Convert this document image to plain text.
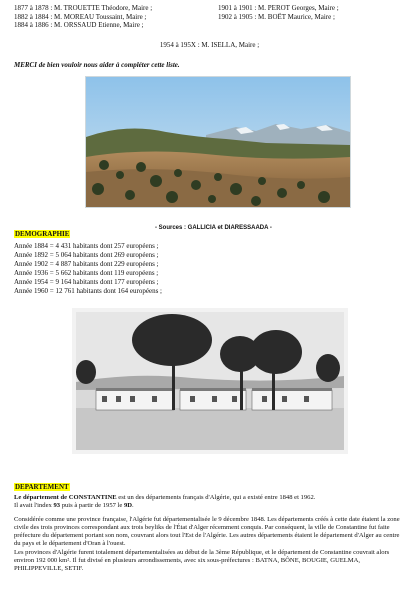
1877 à 1878 : M. TROUETTE Théodore, Maire ;
1882 à 1884 : M. MOREAU Toussaint, Maire ;
1884 à 1886 : M. ORSSAUD Etienne, Maire ;
1901 à 1901 : M. PEROT Georges, Maire ;
1902 à 1905 : M. BOËT Maurice, Maire ;
1954 à 195X : M. ISELLA, Maire ;
MERCI de bien vouloir nous aider à compléter cette liste.
DEMOGRAPHIE
- Sources : GALLICIA et DIARESSAADA -
Année 1884 = 4 431 habitants dont 257 européens ;
Année 1892 = 5 064 habitants dont 269 européens ;
Année 1902 = 4 887 habitants dont 229 européens ;
Année 1936 = 5 662 habitants dont 119 européens ;
Année 1954 = 9 164 habitants dont 177 européens ;
Année 1960 = 12 761 habitants dont 164 européens ;
DEPARTEMENT

Le département de CONSTANTINE est un des départements français d'Algérie, qui a existé entre 1848 et 1962.

Il avait l'index 93 puis à partir de 1957 le 9D.

Considérée comme une province française, l'Algérie fut départementalisée le 9 décembre 1848. Les départements créés à cette date étaient la zone civile des trois provinces correspondant aux trois beyliks de l'État d'Alger récemment conquis. Par conséquent, la ville de Constantine fut faite préfecture du département portant son nom, couvrant alors tout l'Est de l'Algérie. Les autres départements étaient le département d'Alger au centre du pays et le département d'Oran à l'ouest.

Les provinces d'Algérie furent totalement départementalisées au début de la 3ème République, et le département de Constantine couvrait alors environ 192 000 km². Il fut divisé en plusieurs arrondissements, avec six sous-préfectures : BATNA, BÔNE, BOUGIE, GUELMA, PHILIPPEVILLE, SETIF.
